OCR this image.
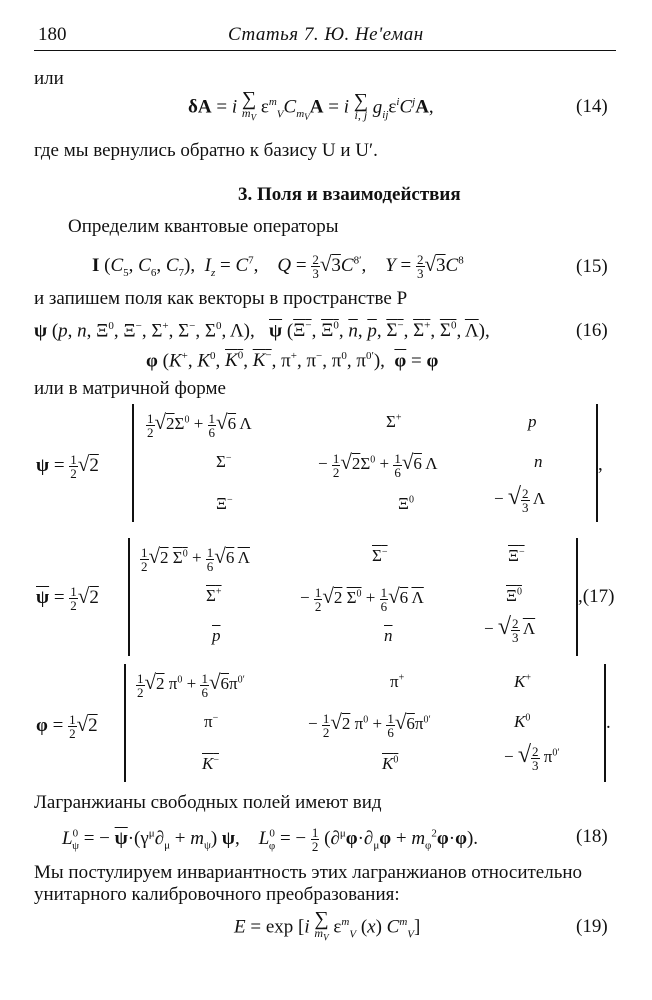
180	Статья 7. Ю. Не'еман
или
δA = i ∑
$m_V$ $\varepsilon^m_VC_{m_V}A = i$ ∑
i, j $g_{ij}\varepsilon^iC^jA$,	(14)
где мы вернулись обратно к базису U и U′.
3. Поля и взаимодействия
Определим квантовые операторы
I ($C_5$, $C_6$, $C_7$),  $I_z = C^7$,    $Q = \frac{2}{3} √3C^{8'}$,    $Y = \frac{2}{3} √3C^8$	(15)
и запишем поля как векторы в пространстве P
ψ (p, n, $\Xi^0$, Ξ−, Σ+, Σ−, $\Sigma^0$, Λ),   $\overline{\psi}$ (Ξ−, $\Xi^0$, $\overline{n}$, $\overline{p}$, Σ−, Σ+, $\Sigma^0$, $\overline{\Lambda}$),	(16)
φ (K+, $K^0$, $K^0$, K−, π+, π−, $\pi^0$, $\pi^{0'}$),  $\overline{\varphi} = \varphi$
или в матричной форме
$\psi = \frac{1}{2} √2$
$\frac{1}{2} √2\Sigma^0 + \frac{1}{6} √6$ Λ	Σ+	p
Σ−	− $\frac{1}{2} √2\Sigma^0 + \frac{1}{6} √6$ Λ	n
Ξ−	$\Xi^0$	− √ $\frac{2}{3}$ Λ
,
$\overline{\psi} = \frac{1}{2} √2$
$\frac{1}{2} √2$ $\Sigma^0 + \frac{1}{6} √6$ $\overline{\Lambda}$	Σ−	Ξ−
Σ+	− $\frac{1}{2} √2$ $\Sigma^0 + \frac{1}{6} √6$ $\overline{\Lambda}$	$\Xi^0$
$\overline{p}$	$\overline{n}$	− √ $\frac{2}{3} \overline{\Lambda}$
,(17)
$\varphi = \frac{1}{2} √2$
$\frac{1}{2} √2$ $\pi^0 + \frac{1}{6} √6\pi^{0'}$	π+	K+
π−	− $\frac{1}{2} √2$ $\pi^0 + \frac{1}{6} √6\pi^{0'}$	$K^0$
K−	$K^0$	− √ $\frac{2}{3} \pi^{0'}$
.
Лагранжианы свободных полей имеют вид
$L^0_\psi$ = − $\overline{\psi}\cdot(\gamma^\mu\partial_\mu + m_\psi)$ ψ,    $L^0_\varphi$ = − $\frac{1}{2} (\partial^\mu\varphi\cdot\partial_\mu\varphi + m_\varphi^2\varphi\cdot\varphi)$.	(18)
Мы постулируем инвариантность этих лагранжианов относительно
унитарного калибровочного преобразования:
E = exp [i ∑
$m_V$ $\varepsilon^m_V$ (x) $C^m_V$]	(19)
